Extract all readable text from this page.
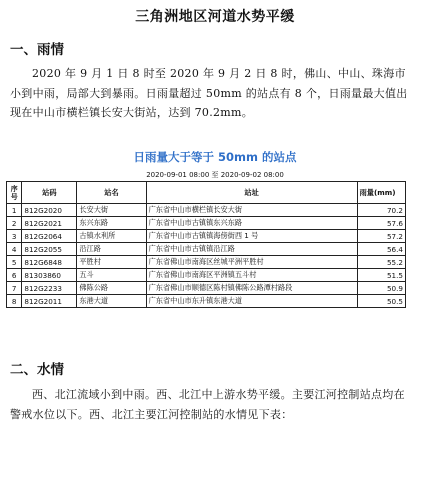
三角洲地区河道水势平缓
一、雨情

2020 年 9 月 1 日 8 时至 2020 年 9 月 2 日 8 时，佛山、中山、珠海市小到中雨，局部大到暴雨。日雨量超过 50mm 的站点有 8 个，日雨量最大值出现在中山市横栏镇长安大街站，达到 70.2mm。

日雨量大于等于 50mm 的站点
2020-09-01 08:00 至 2020-09-02 08:00
序
号	站码	站名	站址	雨量(mm)
1	812G2020	长安大街	广东省中山市横栏镇长安大街	70.2
2	812G2021	东兴东路	广东省中山市古镇镇东兴东路	57.6
3	812G2064	古镇水利所	广东省中山市古镇镇海傍街西 1 号	57.2
4	812G2055	沿江路	广东省中山市古镇镇沿江路	56.4
5	812G6848	平胜村	广东省佛山市南海区丝城平洲平胜村	55.2
6	81303860	五斗	广东省佛山市南海区平洲镇五斗村	51.5
7	812G2233	佛陈公路	广东省佛山市顺德区陈村镇佛陈公路潭村路段	50.9
8	812G2011	东港大道	广东省中山市东升镇东港大道	50.5
二、水情

西、北江流域小到中雨。西、北江中上游水势平缓。主要江河控制站点均在警戒水位以下。西、北江主要江河控制站的水情见下表：
